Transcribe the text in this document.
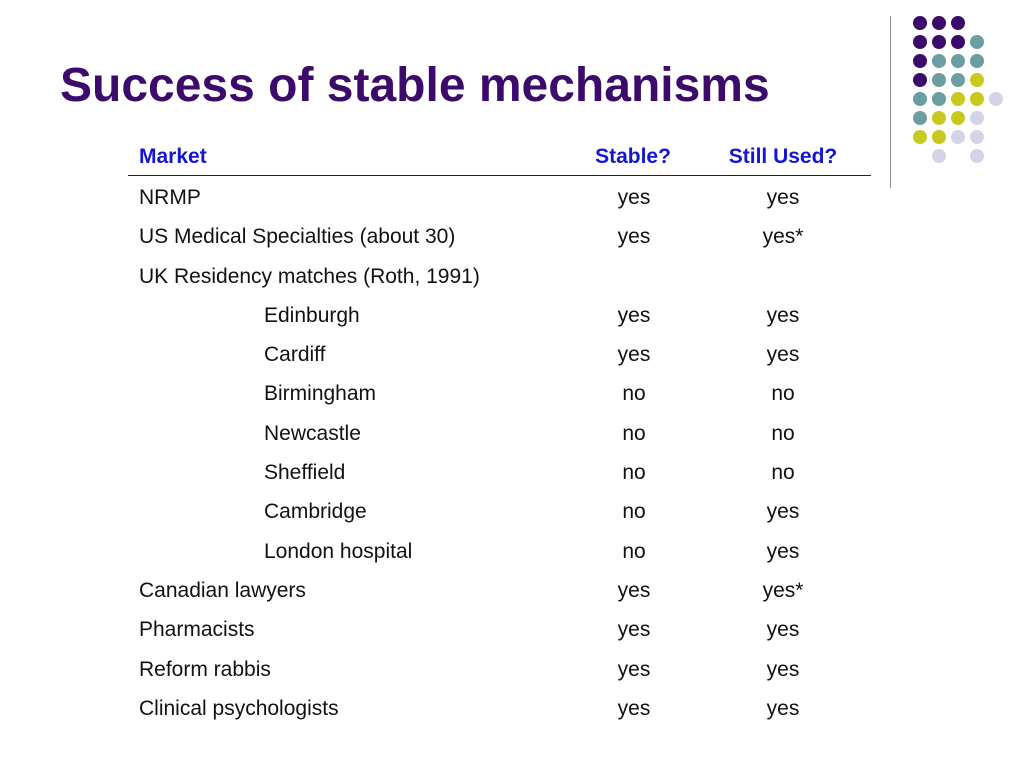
Success of stable mechanisms
Market	Stable?	Still Used?
NRMP	yes	yes
US Medical Specialties (about 30)	yes	yes*
UK Residency matches (Roth, 1991)
Edinburgh	yes	yes
Cardiff	yes	yes
Birmingham	no	no
Newcastle	no	no
Sheffield	no	no
Cambridge	no	yes
London hospital	no	yes
Canadian lawyers	yes	yes*
Pharmacists	yes	yes
Reform rabbis	yes	yes
Clinical psychologists	yes	yes
